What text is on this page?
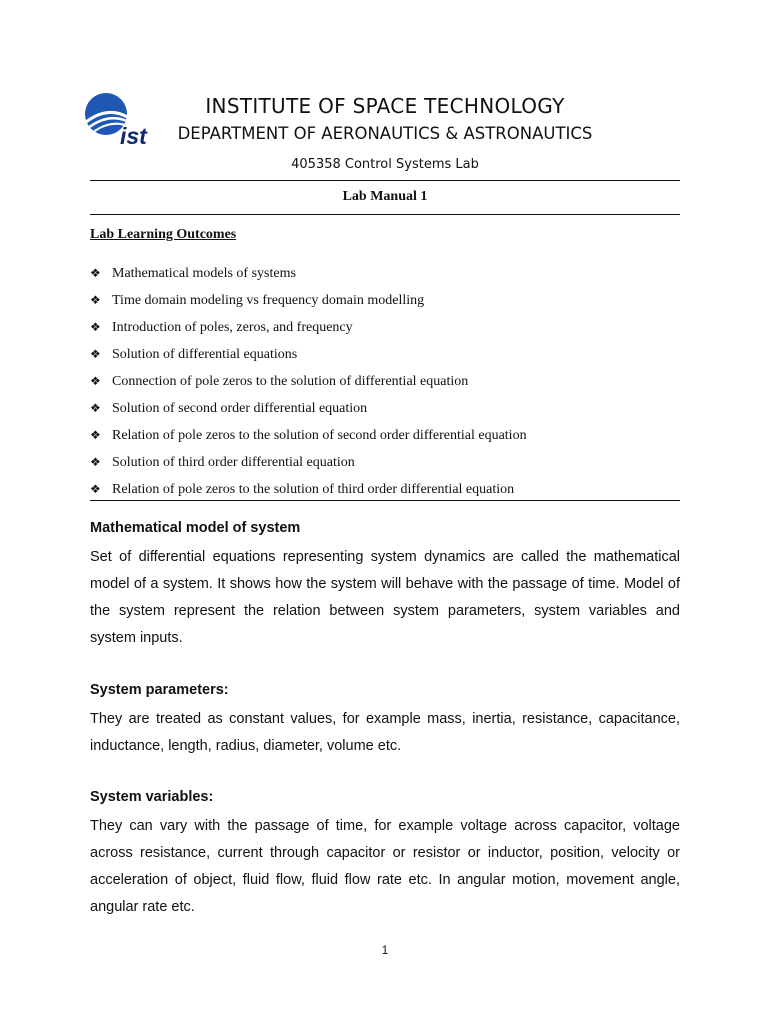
ist
INSTITUTE OF SPACE TECHNOLOGY
DEPARTMENT OF AERONAUTICS & ASTRONAUTICS
405358 Control Systems Lab
Lab Manual 1
Lab Learning Outcomes
❖ Mathematical models of systems
❖ Time domain modeling vs frequency domain modelling
❖ Introduction of poles, zeros, and frequency
❖ Solution of differential equations
❖ Connection of pole zeros to the solution of differential equation
❖ Solution of second order differential equation
❖ Relation of pole zeros to the solution of second order differential equation
❖ Solution of third order differential equation
❖ Relation of pole zeros to the solution of third order differential equation
Mathematical model of system

Set of differential equations representing system dynamics are called the mathematical model of a system. It shows how the system will behave with the passage of time. Model of the system represent the relation between system parameters, system variables and system inputs.

System parameters:

They are treated as constant values, for example mass, inertia, resistance, capacitance, inductance, length, radius, diameter, volume etc.

System variables:

They can vary with the passage of time, for example voltage across capacitor, voltage across resistance, current through capacitor or resistor or inductor, position, velocity or acceleration of object, fluid flow, fluid flow rate etc. In angular motion, movement angle, angular rate etc.

1
